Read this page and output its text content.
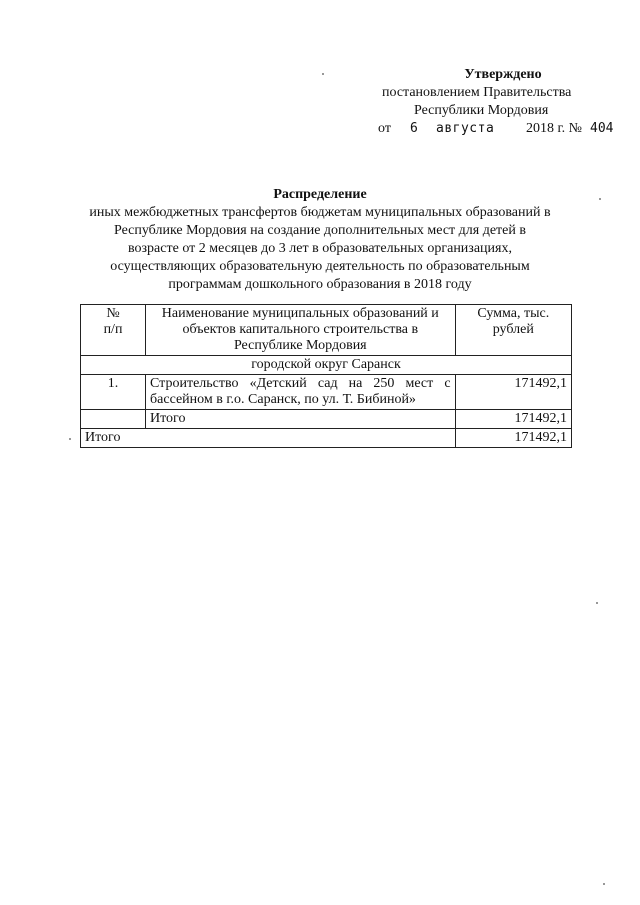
Утверждено
постановлением Правительства
Республики Мордовия
от 6 августа 2018 г. № 404
Распределение
иных межбюджетных трансфертов бюджетам муниципальных образований в
Республике Мордовия на создание дополнительных мест для детей в
возрасте от 2 месяцев до 3 лет в образовательных организациях,
осуществляющих образовательную деятельность по образовательным
программам дошкольного образования в 2018 году
№
п/п	Наименование муниципальных образований и объектов капитального строительства в Республике Мордовия	Сумма, тыс. рублей
городской округ Саранск		
1.	Строительство «Детский сад на 250 мест с бассейном в г.о. Саранск, по ул. Т. Бибиной»	171492,1
	Итого	171492,1
Итого		171492,1
